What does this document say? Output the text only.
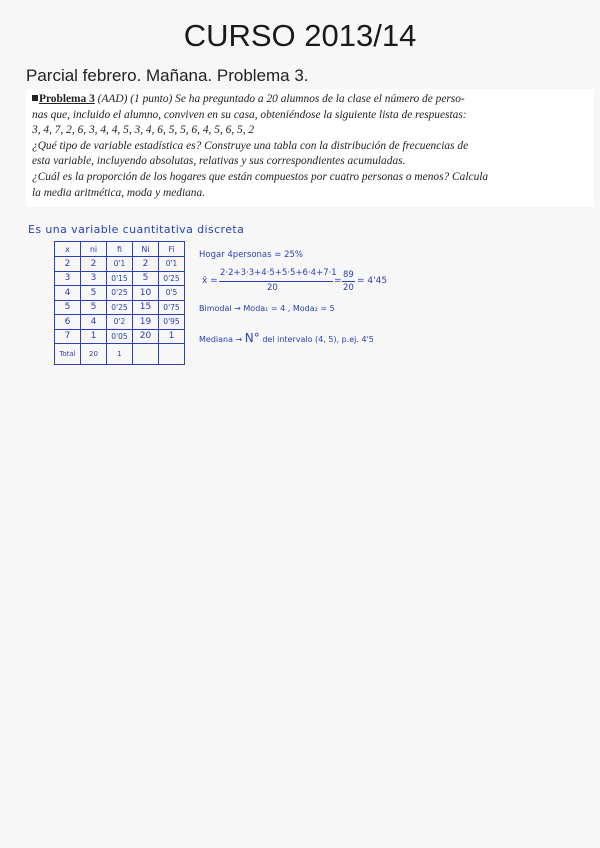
CURSO 2013/14
Parcial febrero. Mañana. Problema 3.
Problema 3 (AAD) (1 punto) Se ha preguntado a 20 alumnos de la clase el número de perso-
nas que, incluido el alumno, conviven en su casa, obteniéndose la siguiente lista de respuestas:
3, 4, 7, 2, 6, 3, 4, 4, 5, 3, 4, 6, 5, 5, 6, 4, 5, 6, 5, 2
¿Qué tipo de variable estadística es? Construye una tabla con la distribución de frecuencias de
esta variable, incluyendo absolutas, relativas y sus correspondientes acumuladas.
¿Cuál es la proporción de los hogares que están compuestos por cuatro personas o menos? Calcula
la media aritmética, moda y mediana.
Es una variable cuantitativa discreta
x	ni	fi	Ni	Fi
2	2	0'1	2	0'1
3	3	0'15	5	0'25
4	5	0'25	10	0'5
5	5	0'25	15	0'75
6	4	0'2	19	0'95
7	1	0'05	20	1
Total	20	1		
Hogar 4personas = 25%
x̄ =
2·2+3·3+4·5+5·5+6·4+7·1
20
=
89
20
= 4'45
Bimodal → Moda₁ = 4 , Moda₂ = 5
Mediana → N° del intervalo (4, 5), p.ej. 4'5
